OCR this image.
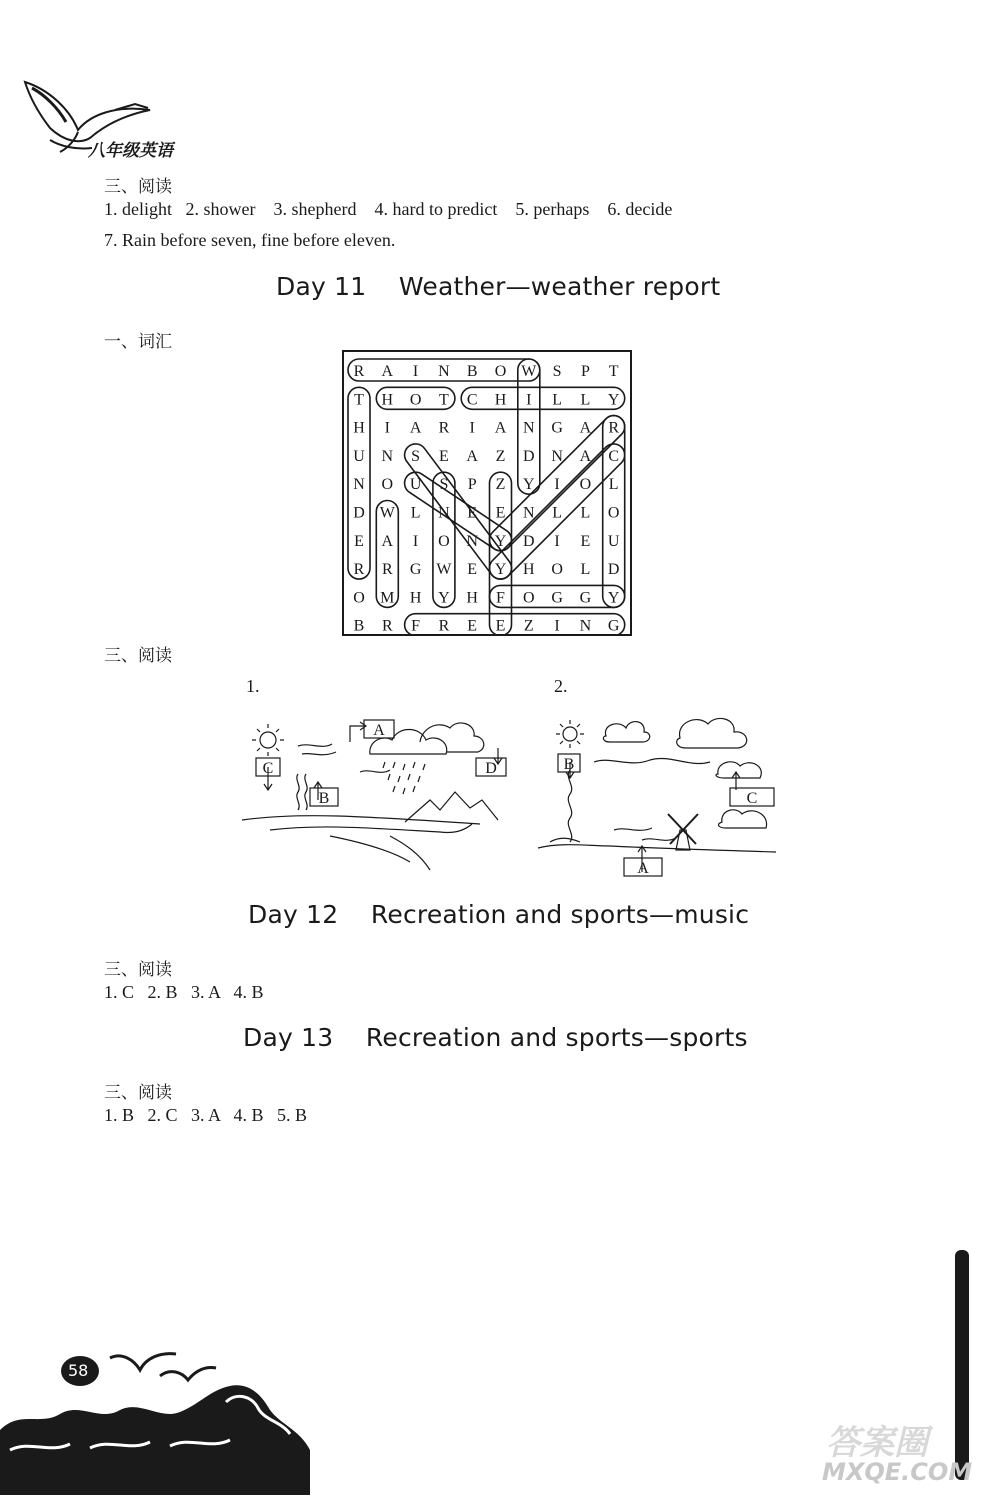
八年级英语
三、阅读
1. delight   2. shower    3. shepherd    4. hard to predict    5. perhaps    6. decide
7. Rain before seven, fine before eleven.
Day 11    Weather—weather report
一、词汇
R A I N B O W S P T
T H O T C H I L L Y
H I A R I A N G A R
U N S E A Z D N A C
N O U S P Z Y I O L
D W L N E E N L L O
E A I O N Y D I E U
R R G W E Y H O L D
O M H Y H F O G G Y
B R F R E E Z I N G
三、阅读
1.	2.
A
B
C	D
A
B
C
Day 12    Recreation and sports—music
三、阅读
1. C   2. B   3. A   4. B
Day 13    Recreation and sports—sports
三、阅读
1. B   2. C   3. A   4. B   5. B
58
答案圈
MXQE.COM
